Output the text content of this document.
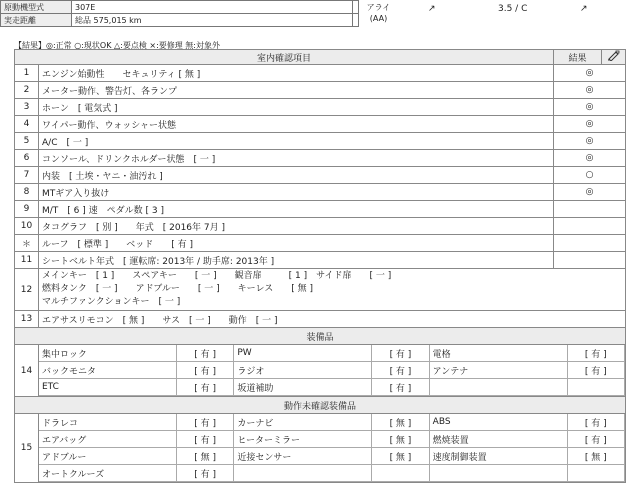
原動機型式	307E
実走距離	総品 575,015 km
アライ
(AA)
↗	3.5 / C	↗
【結果】◎:正常 ○:現状OK △:要点検 ×:要修理 無:対象外
室内確認項目	結果	
1	エンジン始動性　　セキュリティ [ 無 ]	◎
2	メーター動作、警告灯、各ランプ	◎
3	ホーン　[ 電気式 ]	◎
4	ワイパー動作、ウォッシャー状態	◎
5	A/C　[ 一 ]	◎
6	コンソール、ドリンクホルダー状態　[ 一 ]	◎
7	内装　[ 土埃・ヤニ・油汚れ ]	○
8	MTギア入り抜け	◎
9	M/T　[ 6 ] 速　ペダル数 [ 3 ]	
10	タコグラフ　[ 別 ]　　年式　[ 2016年 7月 ]	
＊	ルーフ　[ 標準 ]　　ベッド　　[ 有 ]	
11	シートベルト年式　[ 運転席: 2013年 / 助手席: 2013年 ]	
12	
メインキー　[ 1 ]　　スペアキー　　[ 一 ]　　観音扉　　　[ 1 ]　サイド扉　　[ 一 ]
燃料タンク　[ 一 ]　　アドブルー　　[ 一 ]　　キーレス　　[ 無 ]
マルチファンクションキー　[ 一 ]

13	エアサスリモコン　[ 無 ]　　サス　[ 一 ]　　動作　[ 一 ]
装備品
14	
集中ロック	[ 有 ]	PW	[ 有 ]	電格	[ 有 ]
バックモニタ	[ 有 ]	ラジオ	[ 有 ]	アンテナ	[ 有 ]
ETC	[ 有 ]	坂道補助	[ 有 ]		

動作未確認装備品
15	
ドラレコ	[ 有 ]	カーナビ	[ 無 ]	ABS	[ 有 ]
エアバッグ	[ 有 ]	ヒーターミラー	[ 無 ]	燃焼装置	[ 有 ]
アドブルー	[ 無 ]	近接センサー	[ 無 ]	速度制御装置	[ 無 ]
オートクルーズ	[ 有 ]				
